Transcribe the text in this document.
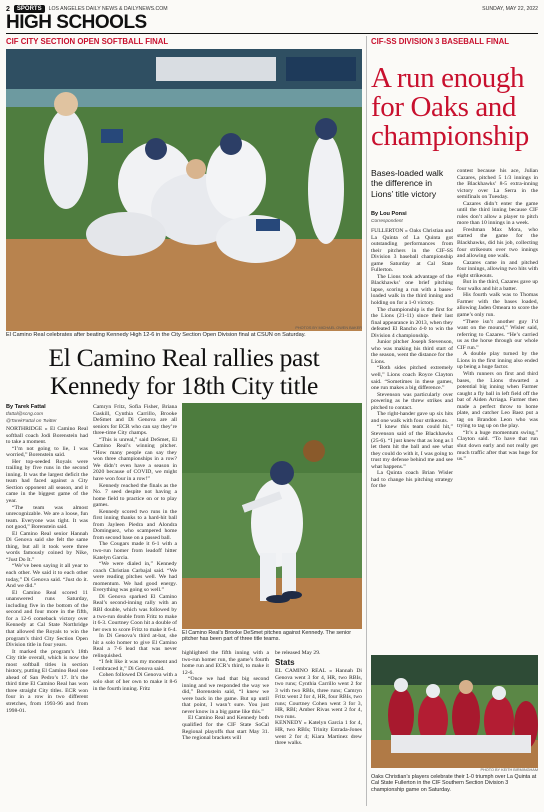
2	SPORTS	LOS ANGELES DAILY NEWS & DAILYNEWS.COM	SUNDAY, MAY 22, 2022
HIGH SCHOOLS
CIF CITY SECTION OPEN SOFTBALL FINAL	CIF-SS DIVISION 3 BASEBALL FINAL
PHOTOS BY MICHAEL OWEN BAKER
El Camino Real celebrates after beating Kennedy High 12-6 in the City Section Open Division final at CSUN on Saturday.
El Camino Real rallies past Kennedy for 18th City title
By Tarek Fattal
tfattal@scng.com
@TarekFattal on Twitter

NORTHRIDGE » El Camino Real softball coach Jodi Borenstein had to take a moment.

“I’m not going to lie, I was worried,” Borenstein said.

Her top-seeded Royals were trailing by five runs in the second inning. It was the largest deficit the team had faced against a City Section opponent all season, and it came in the biggest game of the year.

“The team was almost unrecognizable. We are a loose, fun team. Everyone was tight. It was not good,” Borenstein said.

El Camino Real senior Hannah Di Genova said she felt the same thing, but all it took were three words famously coined by Nike, “Just Do It.”

“We’ve been saying it all year to each other. We said it to each other today,” Di Genova said. “Just do it. And we did.”

El Camino Real scored 11 unanswered runs Saturday, including five in the bottom of the second and four more in the fifth, for a 12-6 comeback victory over Kennedy at Cal State Northridge that allowed the Royals to win the program’s third City Section Open Division title in four years.

It marked the program’s 18th City title overall, which is now the most softball titles in section history, putting El Camino Real one ahead of San Pedro’s 17. It’s the third time El Camino Real has won three straight City titles. ECR won four in a row in two different stretches, from 1993-96 and from 1998-01.

Camryn Fritz, Sofia Fisher, Briana Gaskill, Cynthia Carrillo, Brooke DeSmet and Di Genova are all seniors for ECR who can say they’re three-time City champs.

“This is unreal,” said DeSmet, El Camino Real’s winning pitcher. “How many people can say they won three championships in a row? We didn’t even have a season in 2020 because of COVID, we might have won four in a row!”

Kennedy reached the finals as the No. 7 seed despite not having a home field to practice on or to play games.

Kennedy scored two runs in the first inning thanks to a hard-hit ball from Jayleen Piedra and Alondra Dominguez, who scampered home from second base on a passed ball.

The Cougars made it 6-1 with a two-run homer from leadoff hitter Katelyn Garcia.

“We were dialed in,” Kennedy coach Christian Carbajal said. “We were reading pitches well. We had momentum. We had good energy. Everything was going so well.”

Di Genova sparked El Camino Real’s second-inning rally with an RBI double, which was followed by a two-run double from Fritz to make it 6-3. Courtney Coon hit a double of her own to score Fritz to make it 6-4.

In Di Genova’s third at-bat, she hit a solo homer to give El Camino Real a 7-6 lead that was never relinquished.

“I felt like it was my moment and I embraced it,” Di Genova said.

Cohen followed Di Genova with a solo shot of her own to make it 8-6 in the fourth inning. Fritz

El Camino Real’s Brooke DeSmet pitches against Kennedy. The senior pitcher has been part of three title teams.

highlighted the fifth inning with a two-run homer run, the game’s fourth home run and ECR’s third, to make it 12-6.

“Once we had that big second inning and we responded the way we did,” Borenstein said, “I knew we were back in the game. But up until that point, I wasn’t sure. You just never know in a big game like this.”

El Camino Real and Kennedy both qualified for the CIF State SoCal Regional playoffs that start May 31. The regional brackets will

be released May 29.

Stats

EL CAMINO REAL » Hannah Di Genova went 3 for 4, HR, two RBIs, two runs; Cynthia Carrillo went 2 for 3 with two RBIs, three runs; Camryn Fritz went 2 for 4, HR, four RBIs, two runs; Courtney Cohen went 3 for 3, HR, RBI; Amber Rivas went 2 for 4, two runs.

KENNEDY » Katelyn Garcia 1 for 4, HR, two RBIs; Trinity Estrada-Jones went 2 for 4; Kiara Martinez drew three walks.

A run enough for Oaks and championship
Bases-loaded walk the difference in Lions’ title victory
By Lou Ponsi
Correspondent

FULLERTON » Oaks Christian and La Quinta of La Quinta got outstanding performances from their pitchers in the CIF-SS Division 3 baseball championship game Saturday at Cal State Fullerton.

The Lions took advantage of the Blackhawks’ one brief pitching lapse, scoring a run with a bases-loaded walk in the third inning and holding on for a 1-0 victory.

The championship is the first for the Lions (21-11) since their last final appearance in 2013, when they defeated El Rancho 4-0 to win the Division 4 championship.

Junior pitcher Joseph Stevenson, who was making his third start of the season, went the distance for the Lions.

“Both sides pitched extremely well,” Lions coach Royce Clayton said. “Sometimes in these games, one run makes a big difference.”

Stevenson was particularly over powering as he threw strikes and pitched to contact.

The right-hander gave up six hits and one walk with four strikeouts.

“I knew this team could hit,” Stevenson said of the Blackhawks (25-6). “I just knew that as long as I let them hit the ball and see what they could do with it, I was going to trust my defense behind me and see what happens.”

La Quinta coach Brian Wisler had to change his pitching strategy for the

contest because his ace, Julian Cazares, pitched 5 1/3 innings in the Blackhawks’ 8-5 extra-inning victory over La Serra in the semifinals on Tuesday.

Cazares didn’t enter the game until the third inning because CIF rules don’t allow a player to pitch more than 10 innings in a week.

Freshman Max Mora, who started the game for the Blackhawks, did his job, collecting four strikeouts over two innings and allowing one walk.

Cazares came in and pitched four innings, allowing two hits with eight strikeouts.

But in the third, Cazares gave up four walks and hit a batter.

His fourth walk was to Thomas Farmer with the bases loaded, allowing Jaden Omeara to score the game’s only run.

“There isn’t another guy I’d want on the mound,” Wisler said, referring to Cazares. “He’s carried us as the horse through our whole CIF run.”

A double play turned by the Lions in the first inning also ended up being a huge factor.

With runners on first and third bases, the Lions thwarted a potential big inning when Farmer caught a fly ball in left field off the bat of Aiden Arriaga. Farmer then made a perfect throw to home plate, and catcher Leo Baez put a tag on Brandon Leon who was trying to tag up on the play.

“It’s a huge momentum swing,” Clayton said. “To have that run shut down early and not really get much traffic after that was huge for us.”

PHOTO BY KEITH BIRMINGHAM
Oaks Christian’s players celebrate their 1-0 triumph over La Quinta at Cal State Fullerton in the CIF Southern Section Division 3 championship game on Saturday.
